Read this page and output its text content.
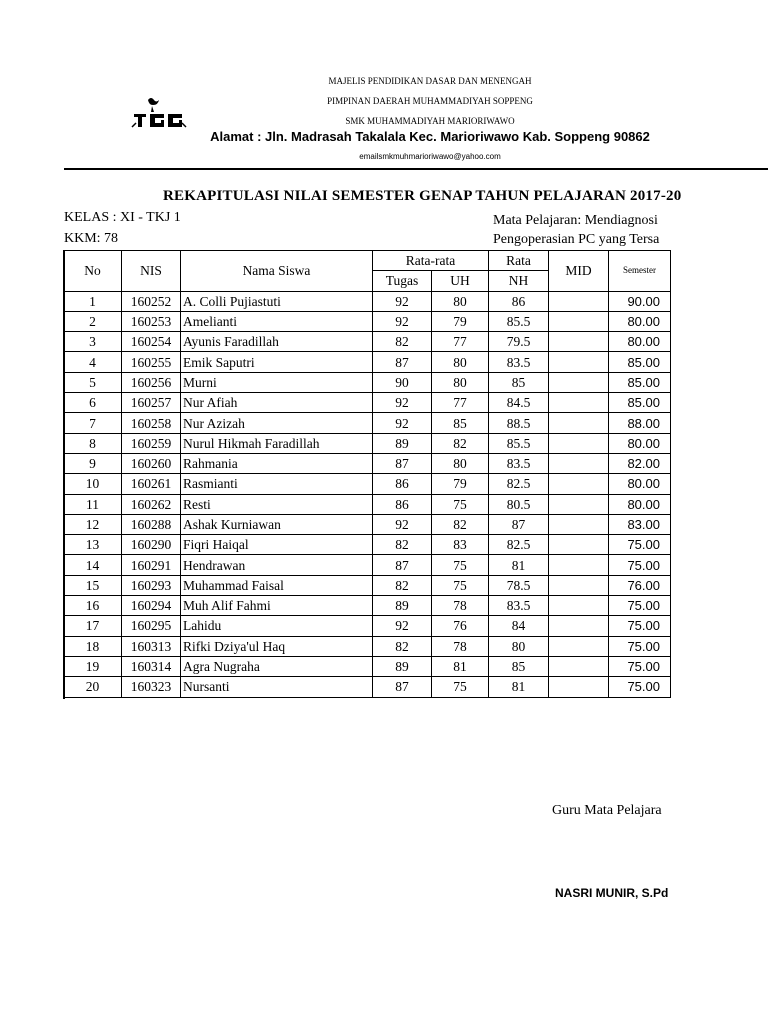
MAJELIS PENDIDIKAN DASAR DAN MENENGAH
PIMPINAN DAERAH MUHAMMADIYAH SOPPENG
SMK MUHAMMADIYAH MARIORIWAWO
Alamat : Jln. Madrasah Takalala Kec. Marioriwawo Kab. Soppeng 90862
emailsmkmuhmarioriwawo@yahoo.com
REKAPITULASI NILAI SEMESTER GENAP TAHUN PELAJARAN 2017-20
KELAS : XI - TKJ 1
KKM: 78
Mata Pelajaran: Mendiagnosi
Pengoperasian PC yang Tersa
No	NIS	Nama Siswa	Rata-rata		Rata	MID	Semester
			Tugas	UH	NH		
1	160252	A. Colli Pujiastuti	92	80	86		90.00
2	160253	Amelianti	92	79	85.5		80.00
3	160254	Ayunis Faradillah	82	77	79.5		80.00
4	160255	Emik Saputri	87	80	83.5		85.00
5	160256	Murni	90	80	85		85.00
6	160257	Nur Afiah	92	77	84.5		85.00
7	160258	Nur Azizah	92	85	88.5		88.00
8	160259	Nurul Hikmah Faradillah	89	82	85.5		80.00
9	160260	Rahmania	87	80	83.5		82.00
10	160261	Rasmianti	86	79	82.5		80.00
11	160262	Resti	86	75	80.5		80.00
12	160288	Ashak Kurniawan	92	82	87		83.00
13	160290	Fiqri Haiqal	82	83	82.5		75.00
14	160291	Hendrawan	87	75	81		75.00
15	160293	Muhammad Faisal	82	75	78.5		76.00
16	160294	Muh Alif Fahmi	89	78	83.5		75.00
17	160295	Lahidu	92	76	84		75.00
18	160313	Rifki Dziya'ul Haq	82	78	80		75.00
19	160314	Agra Nugraha	89	81	85		75.00
20	160323	Nursanti	87	75	81		75.00
Guru Mata Pelajara
NASRI MUNIR, S.Pd
